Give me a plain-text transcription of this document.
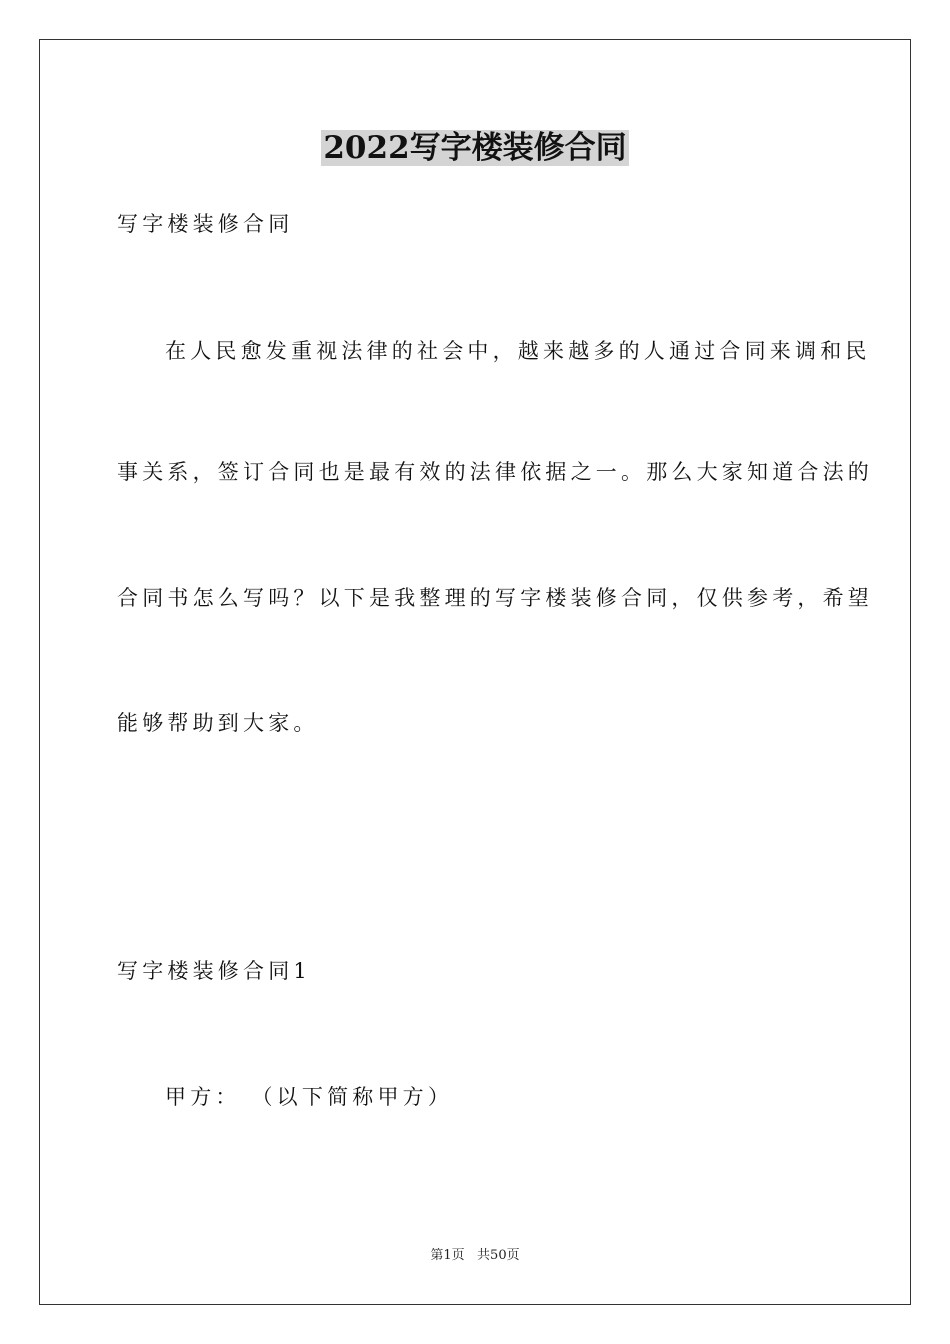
2022写字楼装修合同
写字楼装修合同
在人民愈发重视法律的社会中，越来越多的人通过合同来调和民
事关系，签订合同也是最有效的法律依据之一。那么大家知道合法的
合同书怎么写吗？以下是我整理的写字楼装修合同，仅供参考，希望
能够帮助到大家。
写字楼装修合同1
甲方： （以下简称甲方）
第1页   共50页
